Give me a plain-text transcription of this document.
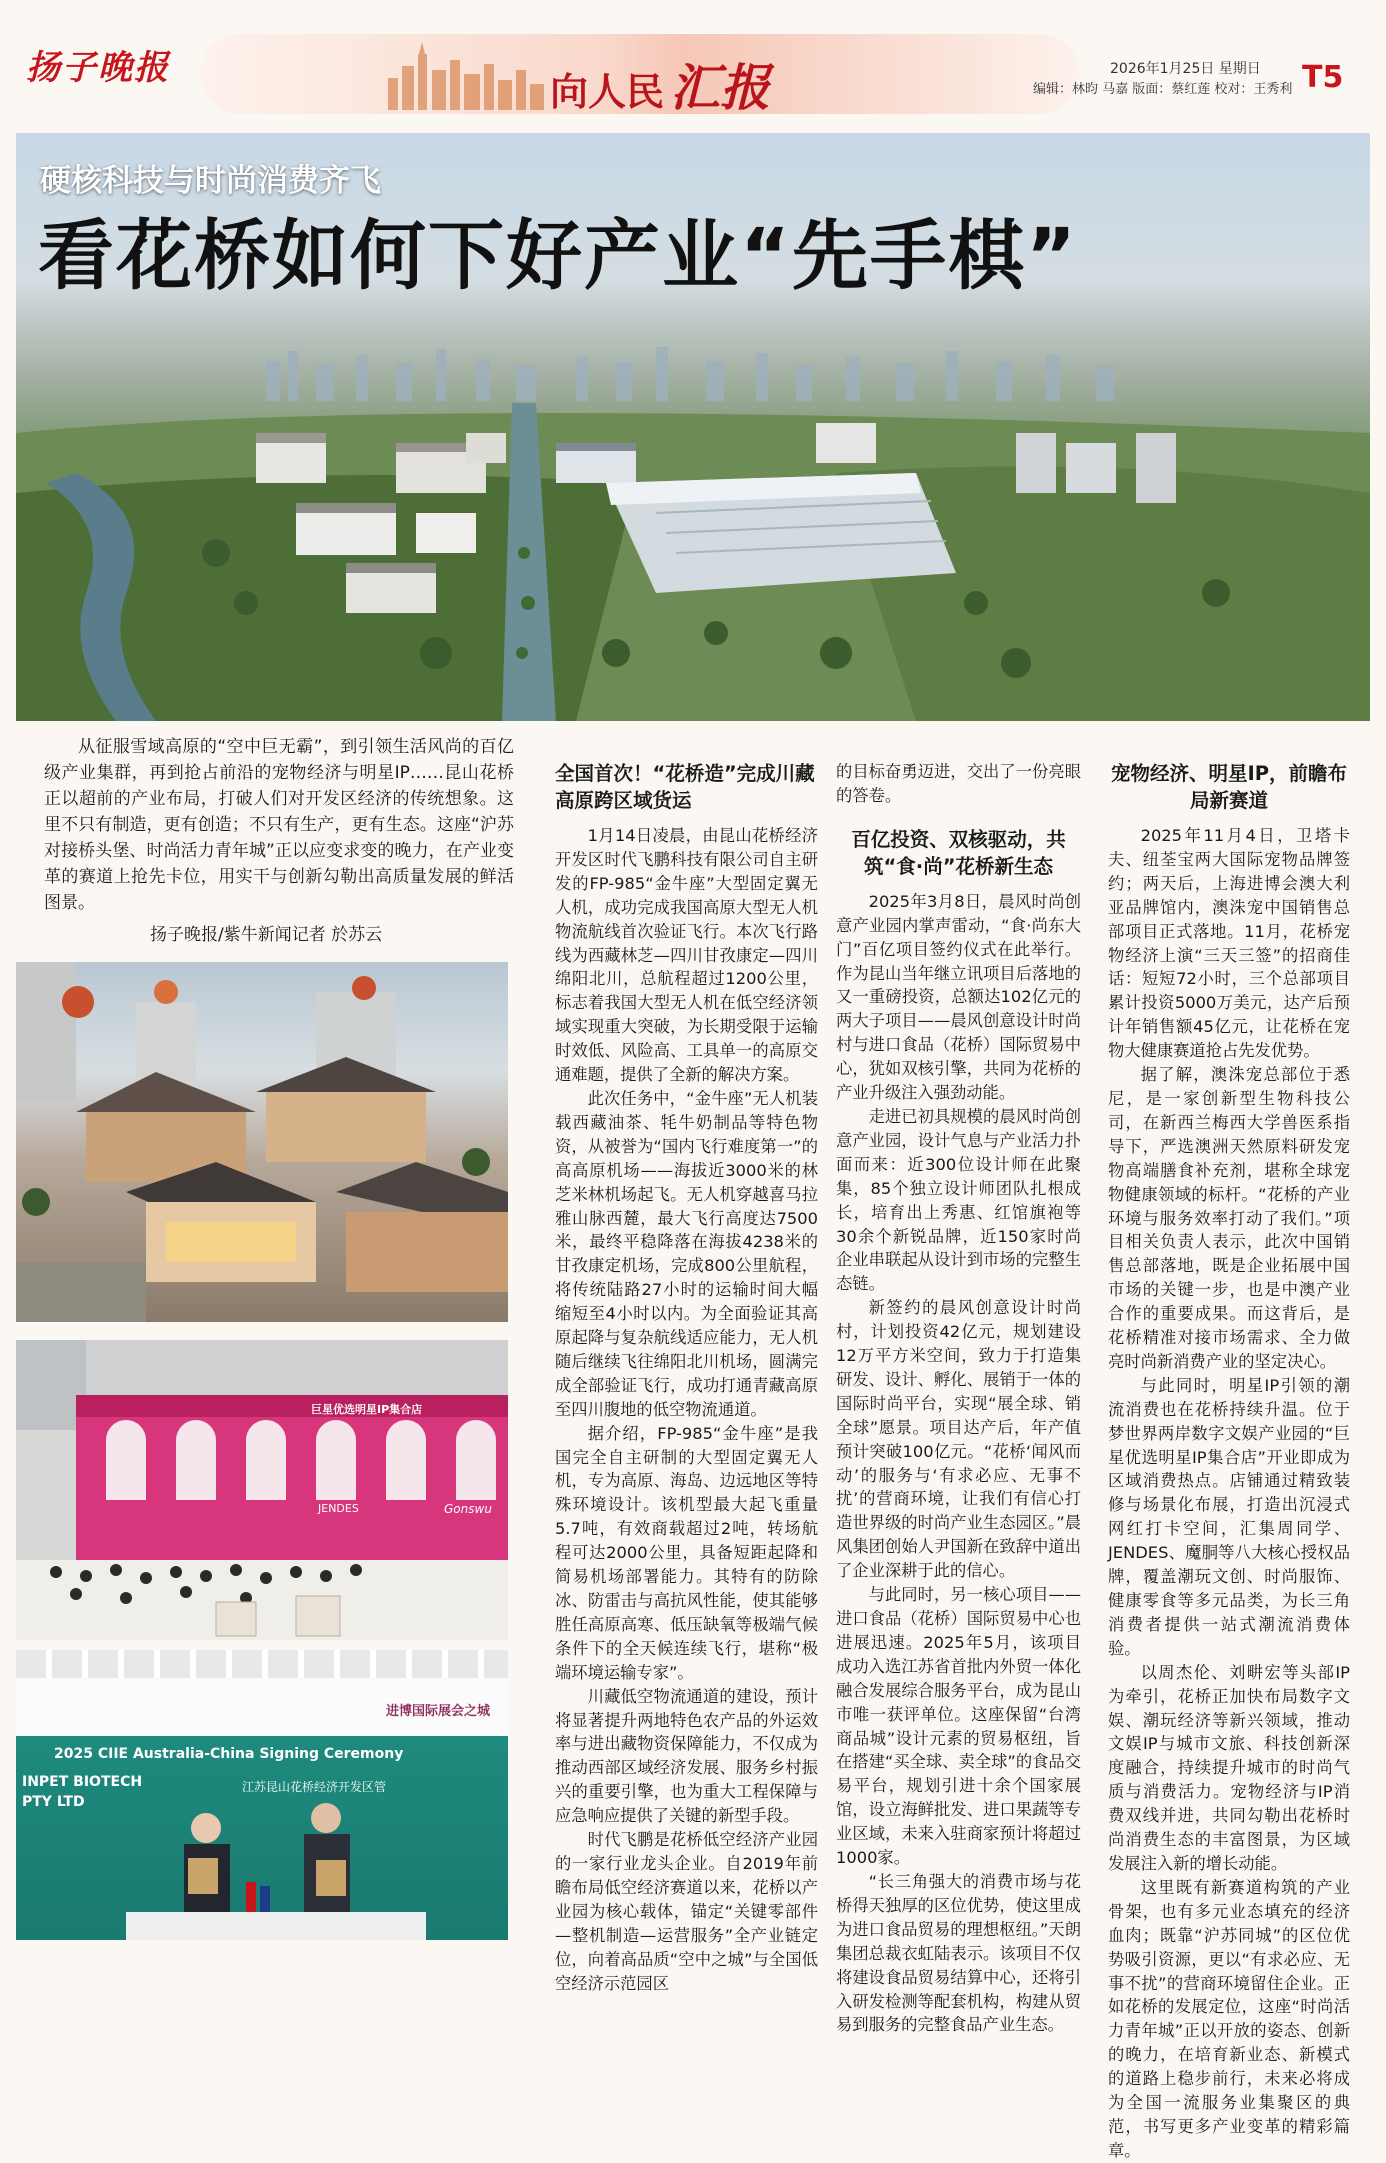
扬子晚报
向人民 汇报	2026年1月25日 星期日
编辑：林昀 马嘉 版面：蔡红莲 校对：王秀利 T5
硬核科技与时尚消费齐飞
看花桥如何下好产业“先手棋”
从征服雪域高原的“空中巨无霸”，到引领生活风尚的百亿级产业集群，再到抢占前沿的宠物经济与明星IP……昆山花桥正以超前的产业布局，打破人们对开发区经济的传统想象。这里不只有制造，更有创造；不只有生产，更有生态。这座“沪苏对接桥头堡、时尚活力青年城”正以应变求变的晚力，在产业变革的赛道上抢先卡位，用实干与创新勾勒出高质量发展的鲜活图景。
扬子晚报/紫牛新闻记者 於苏云
巨星优选明星IP集合店
JENDES	Gonswu
进博国际展会之城
2025 CIIE Australia-China Signing Ceremony
INPET BIOTECH PTY LTD
江苏昆山花桥经济开发区管
全国首次！“花桥造”完成川藏高原跨区域货运

1月14日凌晨，由昆山花桥经济开发区时代飞鹏科技有限公司自主研发的FP-985“金牛座”大型固定翼无人机，成功完成我国高原大型无人机物流航线首次验证飞行。本次飞行路线为西藏林芝—四川甘孜康定—四川绵阳北川，总航程超过1200公里，标志着我国大型无人机在低空经济领域实现重大突破，为长期受限于运输时效低、风险高、工具单一的高原交通难题，提供了全新的解决方案。

此次任务中，“金牛座”无人机装载西藏油茶、牦牛奶制品等特色物资，从被誉为“国内飞行难度第一”的高高原机场——海拔近3000米的林芝米林机场起飞。无人机穿越喜马拉雅山脉西麓，最大飞行高度达7500米，最终平稳降落在海拔4238米的甘孜康定机场，完成800公里航程，将传统陆路27小时的运输时间大幅缩短至4小时以内。为全面验证其高原起降与复杂航线适应能力，无人机随后继续飞往绵阳北川机场，圆满完成全部验证飞行，成功打通青藏高原至四川腹地的低空物流通道。

据介绍，FP-985“金牛座”是我国完全自主研制的大型固定翼无人机，专为高原、海岛、边远地区等特殊环境设计。该机型最大起飞重量5.7吨，有效商载超过2吨，转场航程可达2000公里，具备短距起降和简易机场部署能力。其特有的防除冰、防雷击与高抗风性能，使其能够胜任高原高寒、低压缺氧等极端气候条件下的全天候连续飞行，堪称“极端环境运输专家”。

川藏低空物流通道的建设，预计将显著提升两地特色农产品的外运效率与进出藏物资保障能力，不仅成为推动西部区域经济发展、服务乡村振兴的重要引擎，也为重大工程保障与应急响应提供了关键的新型手段。

时代飞鹏是花桥低空经济产业园的一家行业龙头企业。自2019年前瞻布局低空经济赛道以来，花桥以产业园为核心载体，锚定“关键零部件—整机制造—运营服务”全产业链定位，向着高品质“空中之城”与全国低空经济示范园区

的目标奋勇迈进，交出了一份亮眼的答卷。

百亿投资、双核驱动，共筑“食·尚”花桥新生态

2025年3月8日，晨风时尚创意产业园内掌声雷动，“食·尚东大门”百亿项目签约仪式在此举行。作为昆山当年继立讯项目后落地的又一重磅投资，总额达102亿元的两大子项目——晨风创意设计时尚村与进口食品（花桥）国际贸易中心，犹如双核引擎，共同为花桥的产业升级注入强劲动能。

走进已初具规模的晨风时尚创意产业园，设计气息与产业活力扑面而来：近300位设计师在此聚集，85个独立设计师团队扎根成长，培育出上秀惠、红馆旗袍等30余个新锐品牌，近150家时尚企业串联起从设计到市场的完整生态链。

新签约的晨风创意设计时尚村，计划投资42亿元，规划建设12万平方米空间，致力于打造集研发、设计、孵化、展销于一体的国际时尚平台，实现“展全球、销全球”愿景。项目达产后，年产值预计突破100亿元。“花桥‘闻风而动’的服务与‘有求必应、无事不扰’的营商环境，让我们有信心打造世界级的时尚产业生态园区。”晨风集团创始人尹国新在致辞中道出了企业深耕于此的信心。

与此同时，另一核心项目——进口食品（花桥）国际贸易中心也进展迅速。2025年5月，该项目成功入选江苏省首批内外贸一体化融合发展综合服务平台，成为昆山市唯一获评单位。这座保留“台湾商品城”设计元素的贸易枢纽，旨在搭建“买全球、卖全球”的食品交易平台，规划引进十余个国家展馆，设立海鲜批发、进口果蔬等专业区域，未来入驻商家预计将超过1000家。

“长三角强大的消费市场与花桥得天独厚的区位优势，使这里成为进口食品贸易的理想枢纽。”天朗集团总裁衣虹陆表示。该项目不仅将建设食品贸易结算中心，还将引入研发检测等配套机构，构建从贸易到服务的完整食品产业生态。

宠物经济、明星IP，前瞻布局新赛道

2025年11月4日，卫塔卡夫、纽荃宝两大国际宠物品牌签约；两天后，上海进博会澳大利亚品牌馆内，澳洙宠中国销售总部项目正式落地。11月，花桥宠物经济上演“三天三签”的招商佳话：短短72小时，三个总部项目累计投资5000万美元，达产后预计年销售额45亿元，让花桥在宠物大健康赛道抢占先发优势。

据了解，澳洙宠总部位于悉尼，是一家创新型生物科技公司，在新西兰梅西大学兽医系指导下，严选澳洲天然原料研发宠物高端膳食补充剂，堪称全球宠物健康领域的标杆。“花桥的产业环境与服务效率打动了我们。”项目相关负责人表示，此次中国销售总部落地，既是企业拓展中国市场的关键一步，也是中澳产业合作的重要成果。而这背后，是花桥精准对接市场需求、全力做亮时尚新消费产业的坚定决心。

与此同时，明星IP引领的潮流消费也在花桥持续升温。位于梦世界两岸数字文娱产业园的“巨星优选明星IP集合店”开业即成为区域消费热点。店铺通过精致装修与场景化布展，打造出沉浸式网红打卡空间，汇集周同学、JENDES、魔胴等八大核心授权品牌，覆盖潮玩文创、时尚服饰、健康零食等多元品类，为长三角消费者提供一站式潮流消费体验。

以周杰伦、刘畊宏等头部IP为牵引，花桥正加快布局数字文娱、潮玩经济等新兴领域，推动文娱IP与城市文旅、科技创新深度融合，持续提升城市的时尚气质与消费活力。宠物经济与IP消费双线并进，共同勾勒出花桥时尚消费生态的丰富图景，为区域发展注入新的增长动能。

这里既有新赛道构筑的产业骨架，也有多元业态填充的经济血肉；既靠“沪苏同城”的区位优势吸引资源，更以“有求必应、无事不扰”的营商环境留住企业。正如花桥的发展定位，这座“时尚活力青年城”正以开放的姿态、创新的晚力，在培育新业态、新模式的道路上稳步前行，未来必将成为全国一流服务业集聚区的典范，书写更多产业变革的精彩篇章。
